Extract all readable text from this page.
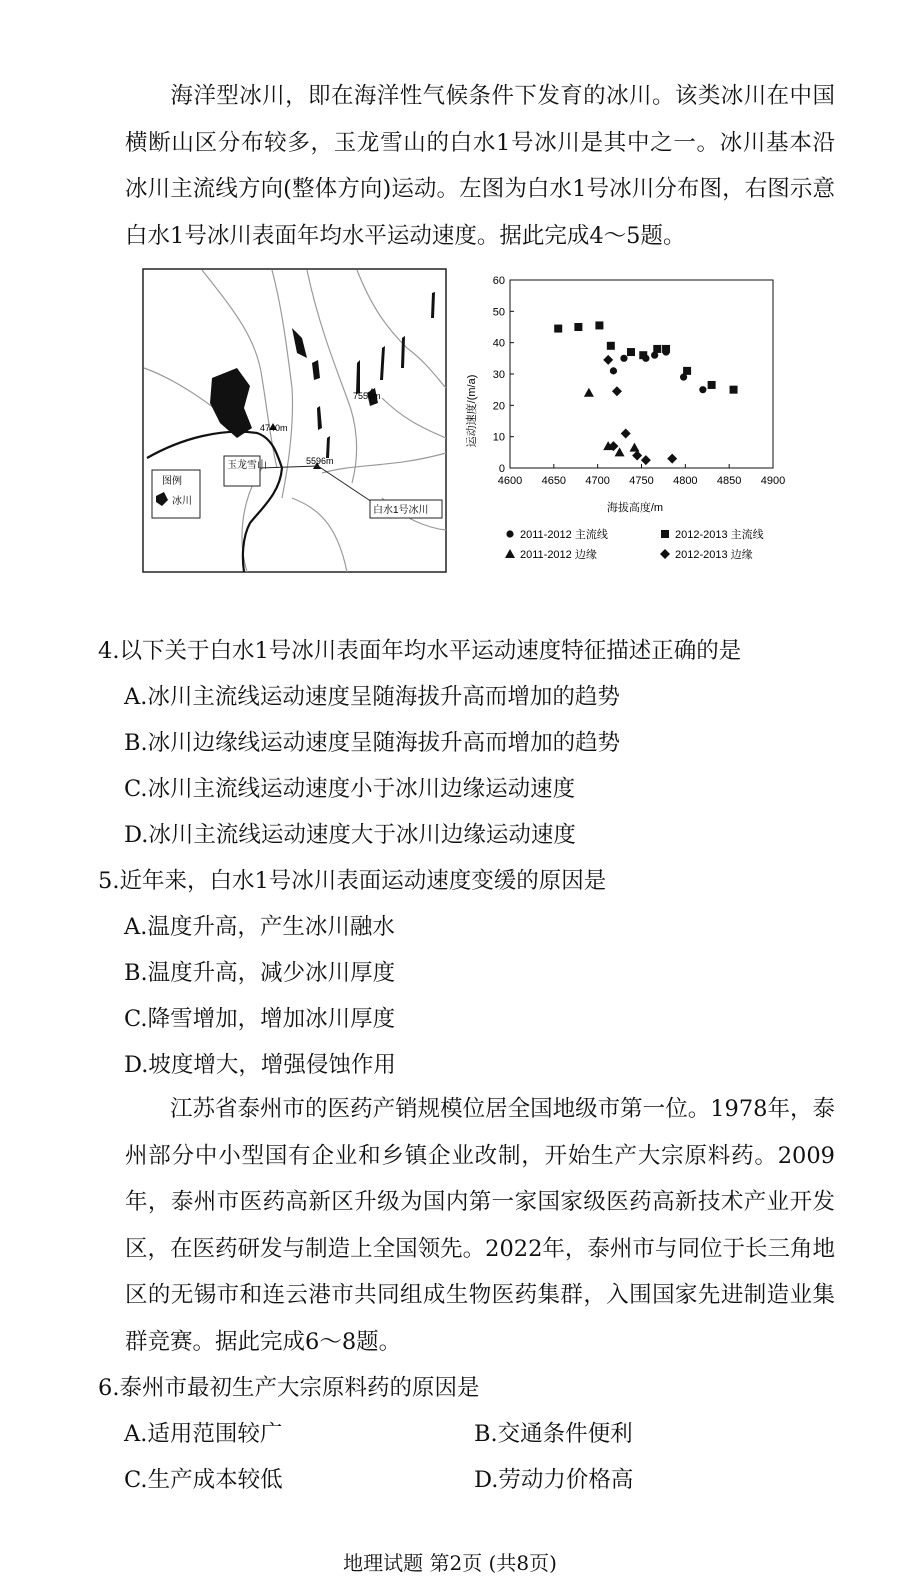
海洋型冰川，即在海洋性气候条件下发育的冰川。该类冰川在中国横断山区分布较多，玉龙雪山的白水1号冰川是其中之一。冰川基本沿冰川主流线方向(整体方向)运动。左图为白水1号冰川分布图，右图示意白水1号冰川表面年均水平运动速度。据此完成4～5题。

7556m
4740m
5596m
玉龙雪山
白水1号冰川
图例
冰川
0
10
20
30
40
50
60
4600 4650 4700 4750 4800 4850 4900
运动速度/(m/a)
海拔高度/m
2011-2012 主流线	2012-2013 主流线
2011-2012 边缘	2012-2013 边缘

4.以下关于白水1号冰川表面年均水平运动速度特征描述正确的是

A.冰川主流线运动速度呈随海拔升高而增加的趋势

B.冰川边缘线运动速度呈随海拔升高而增加的趋势

C.冰川主流线运动速度小于冰川边缘运动速度

D.冰川主流线运动速度大于冰川边缘运动速度

5.近年来，白水1号冰川表面运动速度变缓的原因是

A.温度升高，产生冰川融水

B.温度升高，减少冰川厚度

C.降雪增加，增加冰川厚度

D.坡度增大，增强侵蚀作用

江苏省泰州市的医药产销规模位居全国地级市第一位。1978年，泰州部分中小型国有企业和乡镇企业改制，开始生产大宗原料药。2009年，泰州市医药高新区升级为国内第一家国家级医药高新技术产业开发区，在医药研发与制造上全国领先。2022年，泰州市与同位于长三角地区的无锡市和连云港市共同组成生物医药集群，入围国家先进制造业集群竞赛。据此完成6～8题。

6.泰州市最初生产大宗原料药的原因是

A.适用范围较广	B.交通条件便利

C.生产成本较低	D.劳动力价格高

地理试题 第2页 (共8页)
